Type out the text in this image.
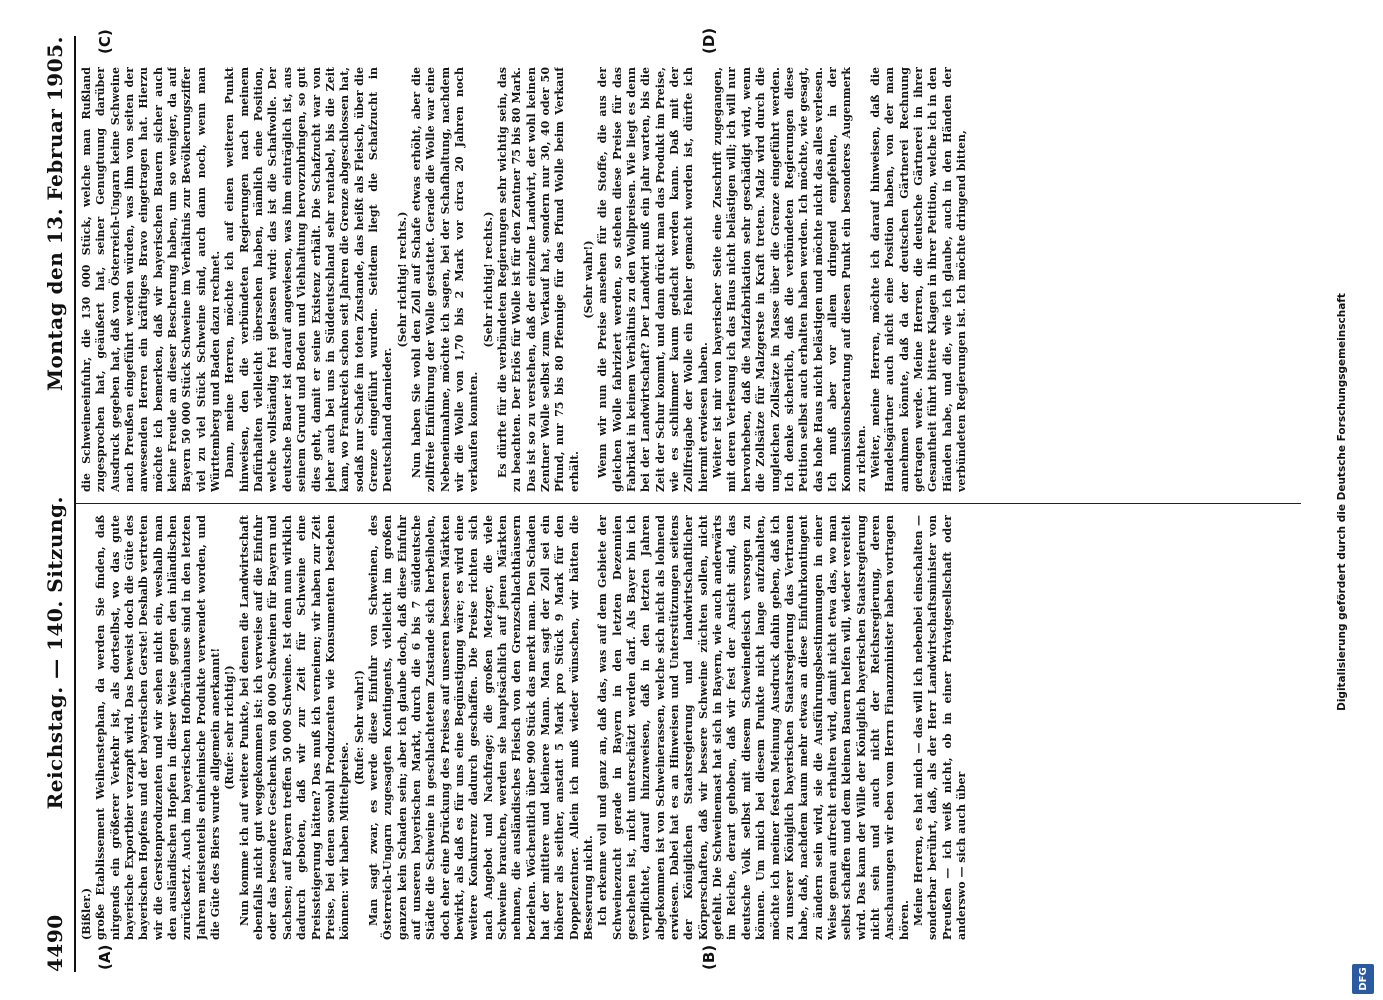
4490
Reichstag. — 140. Sitzung.
Montag den 13. Februar 1905.
(A)	(B)
(C)	(D)

(Bißler.) große Etablissement Weihenstephan, da werden Sie finden, daß nirgends ein größerer Verkehr ist, als dortselbst, wo das gute bayerische Exportbier verzapft wird. Das beweist doch die Güte des bayerischen Hopfens und der bayerischen Gerste! Deshalb vertreten wir die Gerstenproduzenten und wir sehen nicht ein, weshalb man den ausländischen Hopfen in dieser Weise gegen den inländischen zurücksetzt. Auch im bayerischen Hofbräuhause sind in den letzten Jahren meistenteils einheimische Produkte verwendet worden, und die Güte des Biers wurde allgemein anerkannt! (Rufe: sehr richtig!) Nun komme ich auf weitere Punkte, bei denen die Landwirtschaft ebenfalls nicht gut weggekommen ist: ich verweise auf die Einfuhr oder das besondere Geschenk von 80 000 Schweinen für Bayern und Sachsen; auf Bayern treffen 50 000 Schweine. Ist denn nun wirklich dadurch geboten, daß wir zur Zeit für Schweine eine Preissteigerung hätten? Das muß ich verneinen; wir haben zur Zeit Preise, bei denen sowohl Produzenten wie Konsumenten bestehen können: wir haben Mittelpreise.

(Rufe: Sehr wahr!) Man sagt zwar, es werde diese Einfuhr von Schweinen, des Österreich-Ungarn zugesagten Kontingents, vielleicht im großen ganzen kein Schaden sein; aber ich glaube doch, daß diese Einfuhr auf unseren bayerischen Markt, durch die 6 bis 7 süddeutsche Städte die Schweine in geschlachtetem Zustande sich herbeiholen, doch eher eine Drückung des Preises auf unseren besseren Märkten bewirkt, als daß es für uns eine Begünstigung wäre; es wird eine weitere Konkurrenz dadurch geschaffen. Die Preise richten sich nach Angebot und Nachfrage; die großen Metzger, die viele Schweine brauchen, werden sie hauptsächlich auf jenen Märkten nehmen, die ausländisches Fleisch von den Grenzschlachthäusern beziehen. Wöchentlich über 900 Stück das merkt man. Den Schaden hat der mittlere und kleinere Mann. Man sagt der Zoll sei ein höherer als seither, anstatt 5 Mark pro Stück 9 Mark für den Doppelzentner. Allein ich muß wieder wünschen, wir hätten die Besserung nicht. Ich erkenne voll und ganz an, daß das, was auf dem Gebiete der Schweinezucht gerade in Bayern in den letzten Dezennien geschehen ist, nicht unterschätzt werden darf. Als Bayer bin ich verpflichtet, darauf hinzuweisen, daß in den letzten Jahren abgekommen ist von Schweinerassen, welche sich nicht als lohnend erwiesen. Dabei hat es an Hinweisen und Unterstützungen seitens der Königlichen Staatsregierung und landwirtschaftlicher Körperschaften, daß wir bessere Schweine züchten sollen, nicht gefehlt. Die Schweinemast hat sich in Bayern, wie auch anderwärts im Reiche, derart gehoben, daß wir fest der Ansicht sind, das deutsche Volk selbst mit diesem Schweinefleisch versorgen zu können. Um mich bei diesem Punkte nicht lange aufzuhalten, möchte ich meiner festen Meinung Ausdruck dahin geben, daß ich zu unserer Königlich bayerischen Staatsregierung das Vertrauen habe, daß, nachdem kaum mehr etwas an diese Einfuhrkontingent zu ändern sein wird, sie die Ausführungsbestimmungen in einer Weise genau aufrecht erhalten wird, damit nicht etwa das, wo man selbst schaffen und dem kleinen Bauern helfen will, wieder vereitelt wird. Das kann der Wille der Königlich bayerischen Staatsregierung nicht sein und auch nicht der Reichsregierung, deren Anschauungen wir eben vom Herrn Finanzminister haben vortragen hören. Meine Herren, es hat mich — das will ich nebenbei einschalten — sonderbar berührt, daß, als der Herr Landwirtschaftsminister von Preußen — ich weiß nicht, ob in einer Privatgesellschaft oder anderswo — sich auch über

die Schweineeinfuhr, die 130 000 Stück, welche man Rußland zugesprochen hat, geäußert hat, seiner Genugtuung darüber Ausdruck gegeben hat, daß von Österreich-Ungarn keine Schweine nach Preußen eingeführt werden würden, was ihm von seiten der anwesenden Herren ein kräftiges Bravo eingetragen hat. Hierzu möchte ich bemerken, daß wir bayerischen Bauern sicher auch keine Freude an dieser Bescherung haben, um so weniger, da auf Bayern 50 000 Stück Schweine im Verhältnis zur Bevölkerungsziffer viel zu viel Stück Schweine sind, auch dann noch, wenn man Württemberg und Baden dazu rechnet. Dann, meine Herren, möchte ich auf einen weiteren Punkt hinweisen, den die verbündeten Regierungen nach meinem Dafürhalten vielleicht übersehen haben, nämlich eine Position, welche vollständig frei gelassen wird: das ist die Schafwolle. Der deutsche Bauer ist darauf angewiesen, was ihm einträglich ist, aus seinem Grund und Boden und Viehhaltung hervorzubringen, so gut dies geht, damit er seine Existenz erhält. Die Schafzucht war von jeher auch bei uns in Süddeutschland sehr rentabel, bis die Zeit kam, wo Frankreich schon seit Jahren die Grenze abgeschlossen hat, sodaß nur Schafe im toten Zustande, das heißt als Fleisch, über die Grenze eingeführt wurden. Seitdem liegt die Schafzucht in Deutschland darnieder.

(Sehr richtig! rechts.) Nun haben Sie wohl den Zoll auf Schafe etwas erhöht, aber die zollfreie Einführung der Wolle gestattet. Gerade die Wolle war eine Nebeneinnahme, möchte ich sagen, bei der Schafhaltung, nachdem wir die Wolle von 1,70 bis 2 Mark vor circa 20 Jahren noch verkaufen konnten.

(Sehr richtig! rechts.) Es dürfte für die verbündeten Regierungen sehr wichtig sein, das zu beachten. Der Erlös für Wolle ist für den Zentner 75 bis 80 Mark. Das ist so zu verstehen, daß der einzelne Landwirt, der wohl keinen Zentner Wolle selbst zum Verkauf hat, sondern nur 30, 40 oder 50 Pfund, nur 75 bis 80 Pfennige für das Pfund Wolle beim Verkauf erhält.

(Sehr wahr!) Wenn wir nun die Preise ansehen für die Stoffe, die aus der gleichen Wolle fabriziert werden, so stehen diese Preise für das Fabrikat in keinem Verhältnis zu den Wollpreisen. Wie liegt es denn bei der Landwirtschaft? Der Landwirt muß ein Jahr warten, bis die Zeit der Schur kommt, und dann drückt man das Produkt im Preise, wie es schlimmer kaum gedacht werden kann. Daß mit der Zollfreigabe der Wolle ein Fehler gemacht worden ist, dürfte ich hiermit erwiesen haben. Weiter ist mir von bayerischer Seite eine Zuschrift zugegangen, mit deren Verlesung ich das Haus nicht belästigen will; ich will nur hervorheben, daß die Malzfabrikation sehr geschädigt wird, wenn die Zollsätze für Malzgerste in Kraft treten. Malz wird durch die ungleichen Zollsätze in Masse über die Grenze eingeführt werden. Ich denke sicherlich, daß die verbündeten Regierungen diese Petition selbst auch erhalten haben werden. Ich möchte, wie gesagt, das hohe Haus nicht belästigen und möchte nicht das alles verlesen. Ich muß aber vor allem dringend empfehlen, in der Kommissionsberatung auf diesen Punkt ein besonderes Augenmerk zu richten. Weiter, meine Herren, möchte ich darauf hinweisen, daß die Handelsgärtner auch nicht eine Position haben, von der man annehmen könnte, daß da der deutschen Gärtnerei Rechnung getragen werde. Meine Herren, die deutsche Gärtnerei in ihrer Gesamtheit führt bittere Klagen in ihrer Petition, welche ich in den Händen habe, und die, wie ich glaube, auch in den Händen der verbündeten Regierungen ist. Ich möchte dringend bitten,	Digitalisierung gefördert durch die Deutsche Forschungsgemeinschaft
DFG
